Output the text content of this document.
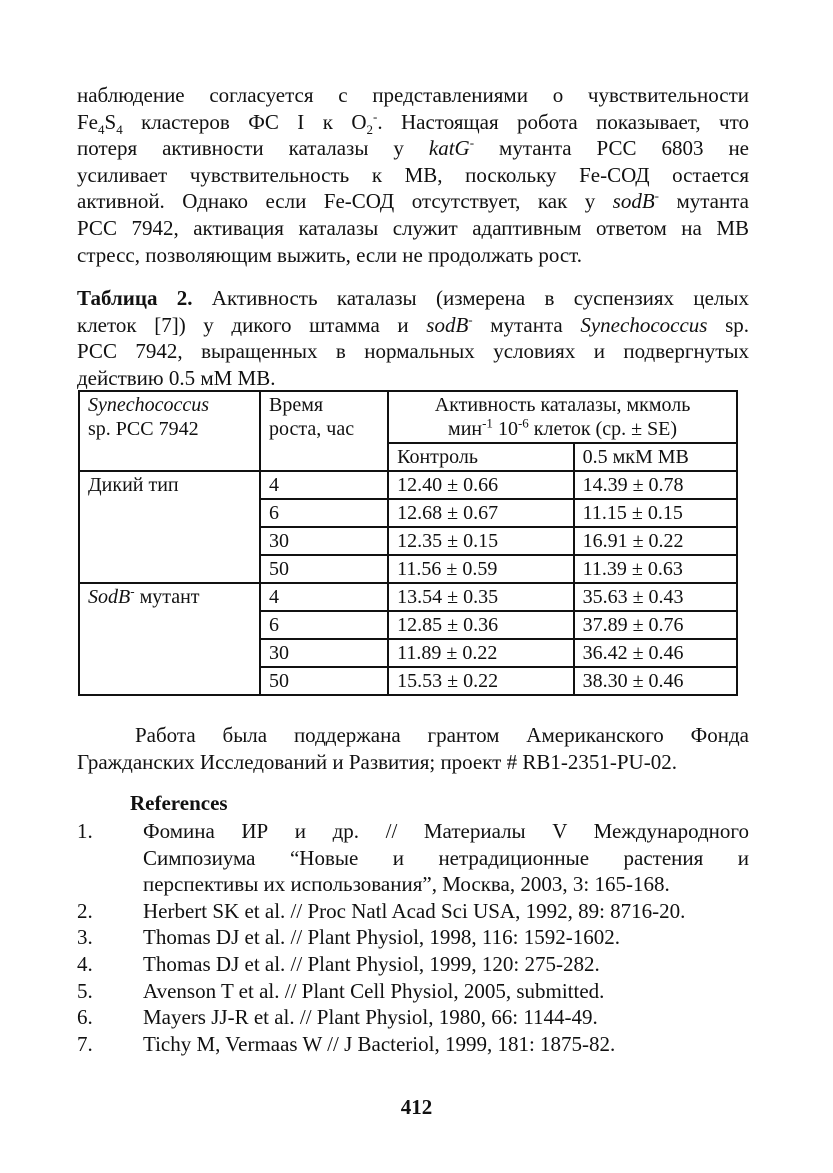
наблюдение согласуется с представлениями о чувствительности
$Fe_4S_4$ кластеров ФС I к $O_2^-$. Настоящая робота показывает, что
потеря активности каталазы у katG- мутанта РСС 6803 не
усиливает чувствительность к МВ, поскольку Fe-СОД остается
активной. Однако если Fe-СОД отсутствует, как у sodB- мутанта
РСС 7942, активация каталазы служит адаптивным ответом на МВ
стресс, позволяющим выжить, если не продолжать рост.

Таблица 2. Активность каталазы (измерена в суспензиях целых
клеток [7]) у дикого штамма и sodB- мутанта Synechococcus sp.
РСС 7942, выращенных в нормальных условиях и подвергнутых
действию 0.5 мМ МВ.

Synechococcus
sp. PCC 7942	Время
роста, час	Активность каталазы, мкмоль
мин$^{-1}$ $10^{-6}$ клеток (ср. ± SE)	
		Контроль	0.5 мкМ МВ
Дикий тип	4	12.40 ± 0.66	14.39 ± 0.78
	6	12.68 ± 0.67	11.15 ± 0.15
	30	12.35 ± 0.15	16.91 ± 0.22
	50	11.56 ± 0.59	11.39 ± 0.63
SodB- мутант	4	13.54 ± 0.35	35.63 ± 0.43
	6	12.85 ± 0.36	37.89 ± 0.76
	30	11.89 ± 0.22	36.42 ± 0.46
	50	15.53 ± 0.22	38.30 ± 0.46

Работа была поддержана грантом Американского Фонда
Гражданских Исследований и Развития; проект # RB1-2351-PU-02.

References

1. Фомина ИР и др. // Материалы V Международного
Симпозиума “Новые и нетрадиционные растения и
перспективы их использования”, Москва, 2003, 3: 165-168.
2. Herbert SK et al. // Proc Natl Acad Sci USA, 1992, 89: 8716-20.
3. Thomas DJ et al. // Plant Physiol, 1998, 116: 1592-1602.
4. Thomas DJ et al. // Plant Physiol, 1999, 120: 275-282.
5. Avenson T et al. // Plant Cell Physiol, 2005, submitted.
6. Mayers JJ-R et al. // Plant Physiol, 1980, 66: 1144-49.
7. Tichy M, Vermaas W // J Bacteriol, 1999, 181: 1875-82.

412
